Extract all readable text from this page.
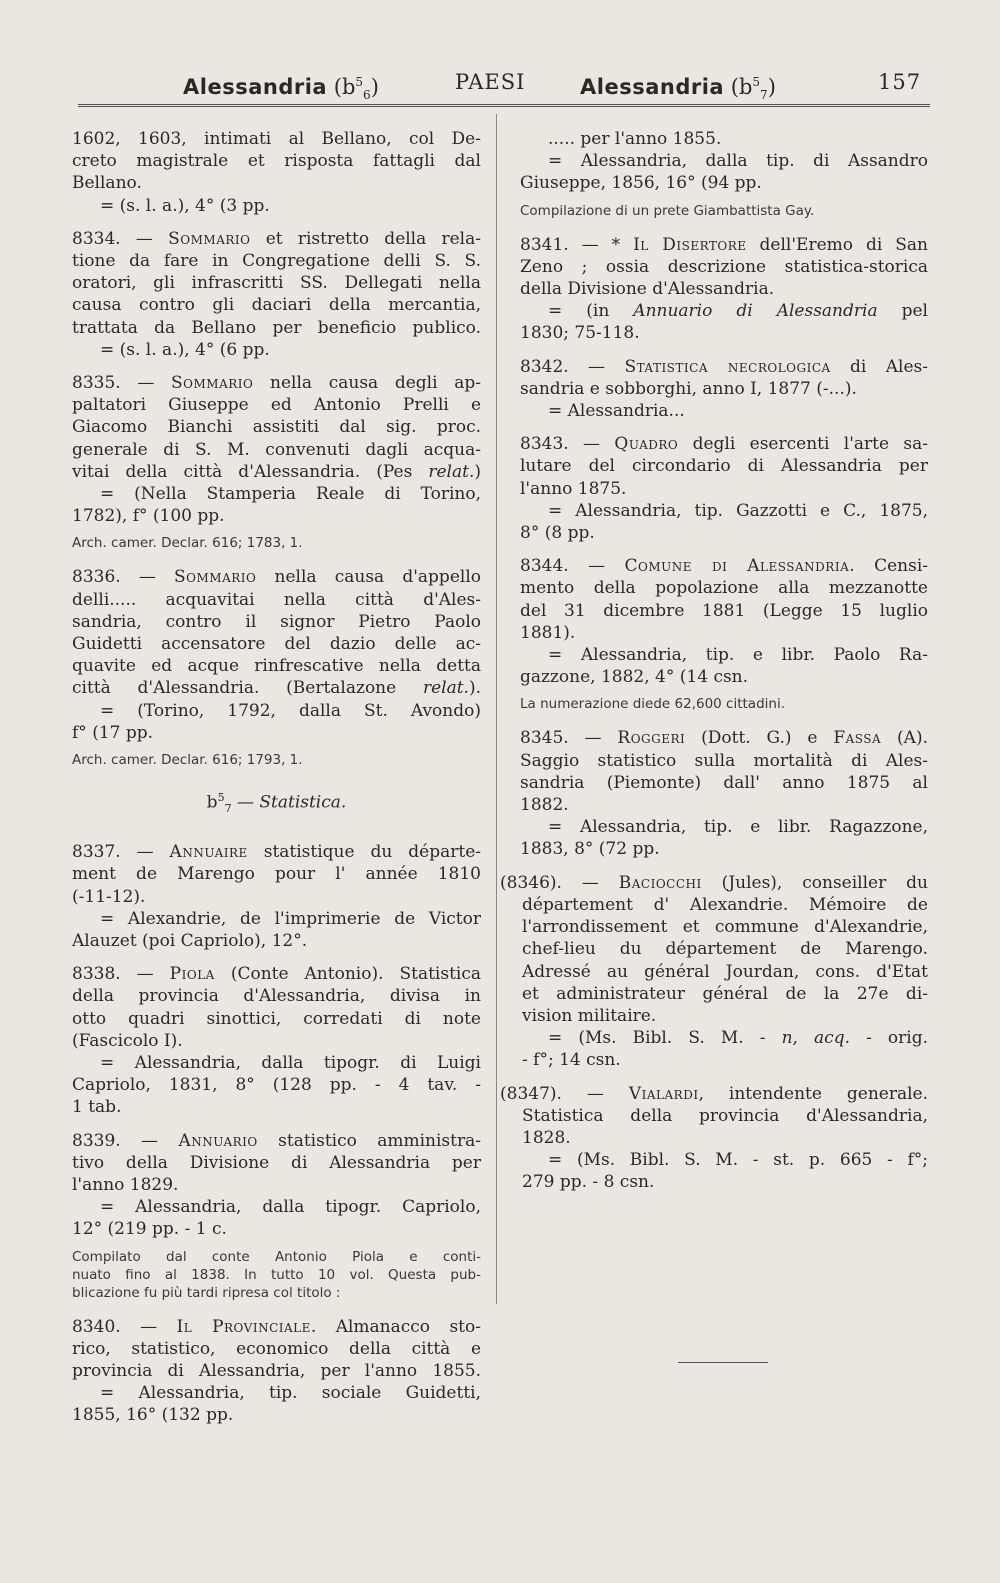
Alessandria $(b^5_6)$	PAESI	Alessandria $(b^5_7)$	157
1602, 1603, intimati al Bellano, col De-
creto magistrale et risposta fattagli dal
Bellano.
= (s. l. a.), 4° (3 pp.
8334. — Sommario et ristretto della rela-
tione da fare in Congregatione delli S. S.
oratori, gli infrascritti SS. Dellegati nella
causa contro gli daciari della mercantia,
trattata da Bellano per beneficio publico.
= (s. l. a.), 4° (6 pp.
8335. — Sommario nella causa degli ap-
paltatori Giuseppe ed Antonio Prelli e
Giacomo Bianchi assistiti dal sig. proc.
generale di S. M. convenuti dagli acqua-
vitai della città d'Alessandria. (Pes relat.)
= (Nella Stamperia Reale di Torino,
1782), f° (100 pp.
Arch. camer. Declar. 616; 1783, 1.
8336. — Sommario nella causa d'appello
delli..... acquavitai nella città d'Ales-
sandria, contro il signor Pietro Paolo
Guidetti accensatore del dazio delle ac-
quavite ed acque rinfrescative nella detta
città d'Alessandria. (Bertalazone relat.).
= (Torino, 1792, dalla St. Avondo)
f° (17 pp.
Arch. camer. Declar. 616; 1793, 1.
$b^5_7$ — Statistica.
8337. — Annuaire statistique du départe-
ment de Marengo pour l' année 1810
(-11-12).
= Alexandrie, de l'imprimerie de Victor
Alauzet (poi Capriolo), 12°.
8338. — Piola (Conte Antonio). Statistica
della provincia d'Alessandria, divisa in
otto quadri sinottici, corredati di note
(Fascicolo I).
= Alessandria, dalla tipogr. di Luigi
Capriolo, 1831, 8° (128 pp. - 4 tav. -
1 tab.
8339. — Annuario statistico amministra-
tivo della Divisione di Alessandria per
l'anno 1829.
= Alessandria, dalla tipogr. Capriolo,
12° (219 pp. - 1 c.
Compilato dal conte Antonio Piola e conti-
nuato fino al 1838. In tutto 10 vol. Questa pub-
blicazione fu più tardi ripresa col titolo :
8340. — Il Provinciale. Almanacco sto-
rico, statistico, economico della città e
provincia di Alessandria, per l'anno 1855.
= Alessandria, tip. sociale Guidetti,
1855, 16° (132 pp.
..... per l'anno 1855.
= Alessandria, dalla tip. di Assandro
Giuseppe, 1856, 16° (94 pp.
Compilazione di un prete Giambattista Gay.
8341. — * Il Disertore dell'Eremo di San
Zeno ; ossia descrizione statistica-storica
della Divisione d'Alessandria.
= (in Annuario di Alessandria pel
1830; 75-118.
8342. — Statistica necrologica di Ales-
sandria e sobborghi, anno I, 1877 (-...).
= Alessandria...
8343. — Quadro degli esercenti l'arte sa-
lutare del circondario di Alessandria per
l'anno 1875.
= Alessandria, tip. Gazzotti e C., 1875,
8° (8 pp.
8344. — Comune di Alessandria. Censi-
mento della popolazione alla mezzanotte
del 31 dicembre 1881 (Legge 15 luglio
1881).
= Alessandria, tip. e libr. Paolo Ra-
gazzone, 1882, 4° (14 csn.
La numerazione diede 62,600 cittadini.
8345. — Roggeri (Dott. G.) e Fassa (A).
Saggio statistico sulla mortalità di Ales-
sandria (Piemonte) dall' anno 1875 al
1882.
= Alessandria, tip. e libr. Ragazzone,
1883, 8° (72 pp.
(8346). — Baciocchi (Jules), conseiller du
département d' Alexandrie. Mémoire de
l'arrondissement et commune d'Alexandrie,
chef-lieu du département de Marengo.
Adressé au général Jourdan, cons. d'Etat
et administrateur général de la 27e di-
vision militaire.
= (Ms. Bibl. S. M. - n, acq. - orig.
- f°; 14 csn.
(8347). — Vialardi, intendente generale.
Statistica della provincia d'Alessandria,
1828.
= (Ms. Bibl. S. M. - st. p. 665 - f°;
279 pp. - 8 csn.
